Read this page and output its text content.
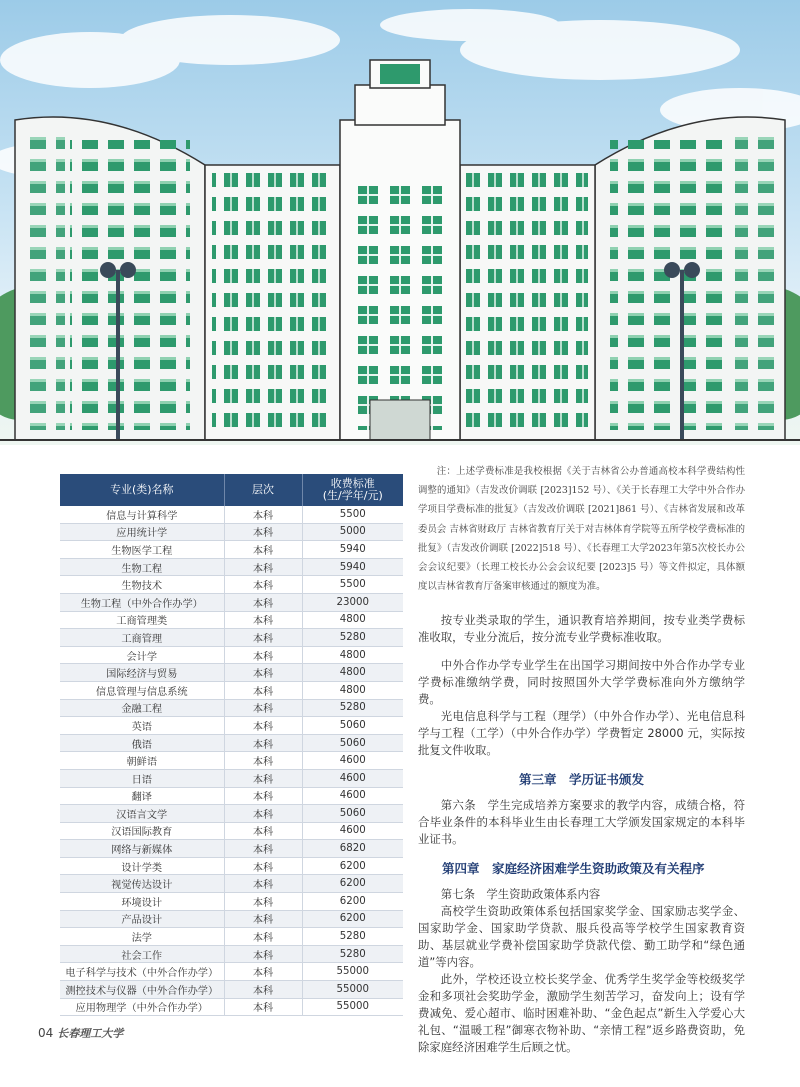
专业(类)名称	层次	收费标准
(生/学年/元)
信息与计算科学	本科	5500
应用统计学	本科	5000
生物医学工程	本科	5940
生物工程	本科	5940
生物技术	本科	5500
生物工程（中外合作办学）	本科	23000
工商管理类	本科	4800
工商管理	本科	5280
会计学	本科	4800
国际经济与贸易	本科	4800
信息管理与信息系统	本科	4800
金融工程	本科	5280
英语	本科	5060
俄语	本科	5060
朝鲜语	本科	4600
日语	本科	4600
翻译	本科	4600
汉语言文学	本科	5060
汉语国际教育	本科	4600
网络与新媒体	本科	6820
设计学类	本科	6200
视觉传达设计	本科	6200
环境设计	本科	6200
产品设计	本科	6200
法学	本科	5280
社会工作	本科	5280
电子科学与技术（中外合作办学）	本科	55000
测控技术与仪器（中外合作办学）	本科	55000
应用物理学（中外合作办学）	本科	55000

注：上述学费标准是我校根据《关于吉林省公办普通高校本科学费结构性调整的通知》（吉发改价调联 [2023]152 号）、《关于长春理工大学中外合作办学项目学费标准的批复》（吉发改价调联 [2021]861 号）、《吉林省发展和改革委员会 吉林省财政厅 吉林省教育厅关于对吉林体育学院等五所学校学费标准的批复》（吉发改价调联 [2022]518 号）、《长春理工大学2023年第5次校长办公会会议纪要》（长理工校长办公会会议纪要 [2023]5 号）等文件拟定，具体额度以吉林省教育厅备案审核通过的额度为准。

按专业类录取的学生，通识教育培养期间，按专业类学费标准收取，专业分流后，按分流专业学费标准收取。

中外合作办学专业学生在出国学习期间按中外合作办学专业学费标准缴纳学费，同时按照国外大学学费标准向外方缴纳学费。

光电信息科学与工程（理学）（中外合作办学）、光电信息科学与工程（工学）（中外合作办学）学费暂定 28000 元，实际按批复文件收取。

第三章　学历证书颁发

第六条　学生完成培养方案要求的教学内容，成绩合格，符合毕业条件的本科毕业生由长春理工大学颁发国家规定的本科毕业证书。

第四章　家庭经济困难学生资助政策及有关程序

第七条　学生资助政策体系内容

高校学生资助政策体系包括国家奖学金、国家励志奖学金、国家助学金、国家助学贷款、服兵役高等学校学生国家教育资助、基层就业学费补偿国家助学贷款代偿、勤工助学和“绿色通道”等内容。

此外，学校还设立校长奖学金、优秀学生奖学金等校级奖学金和多项社会奖助学金，激励学生刻苦学习，奋发向上；设有学费减免、爱心超市、临时困难补助、“金色起点”新生入学爱心大礼包、“温暖工程”御寒衣物补助、“亲情工程”返乡路费资助，免除家庭经济困难学生后顾之忧。

04 长春理工大学
